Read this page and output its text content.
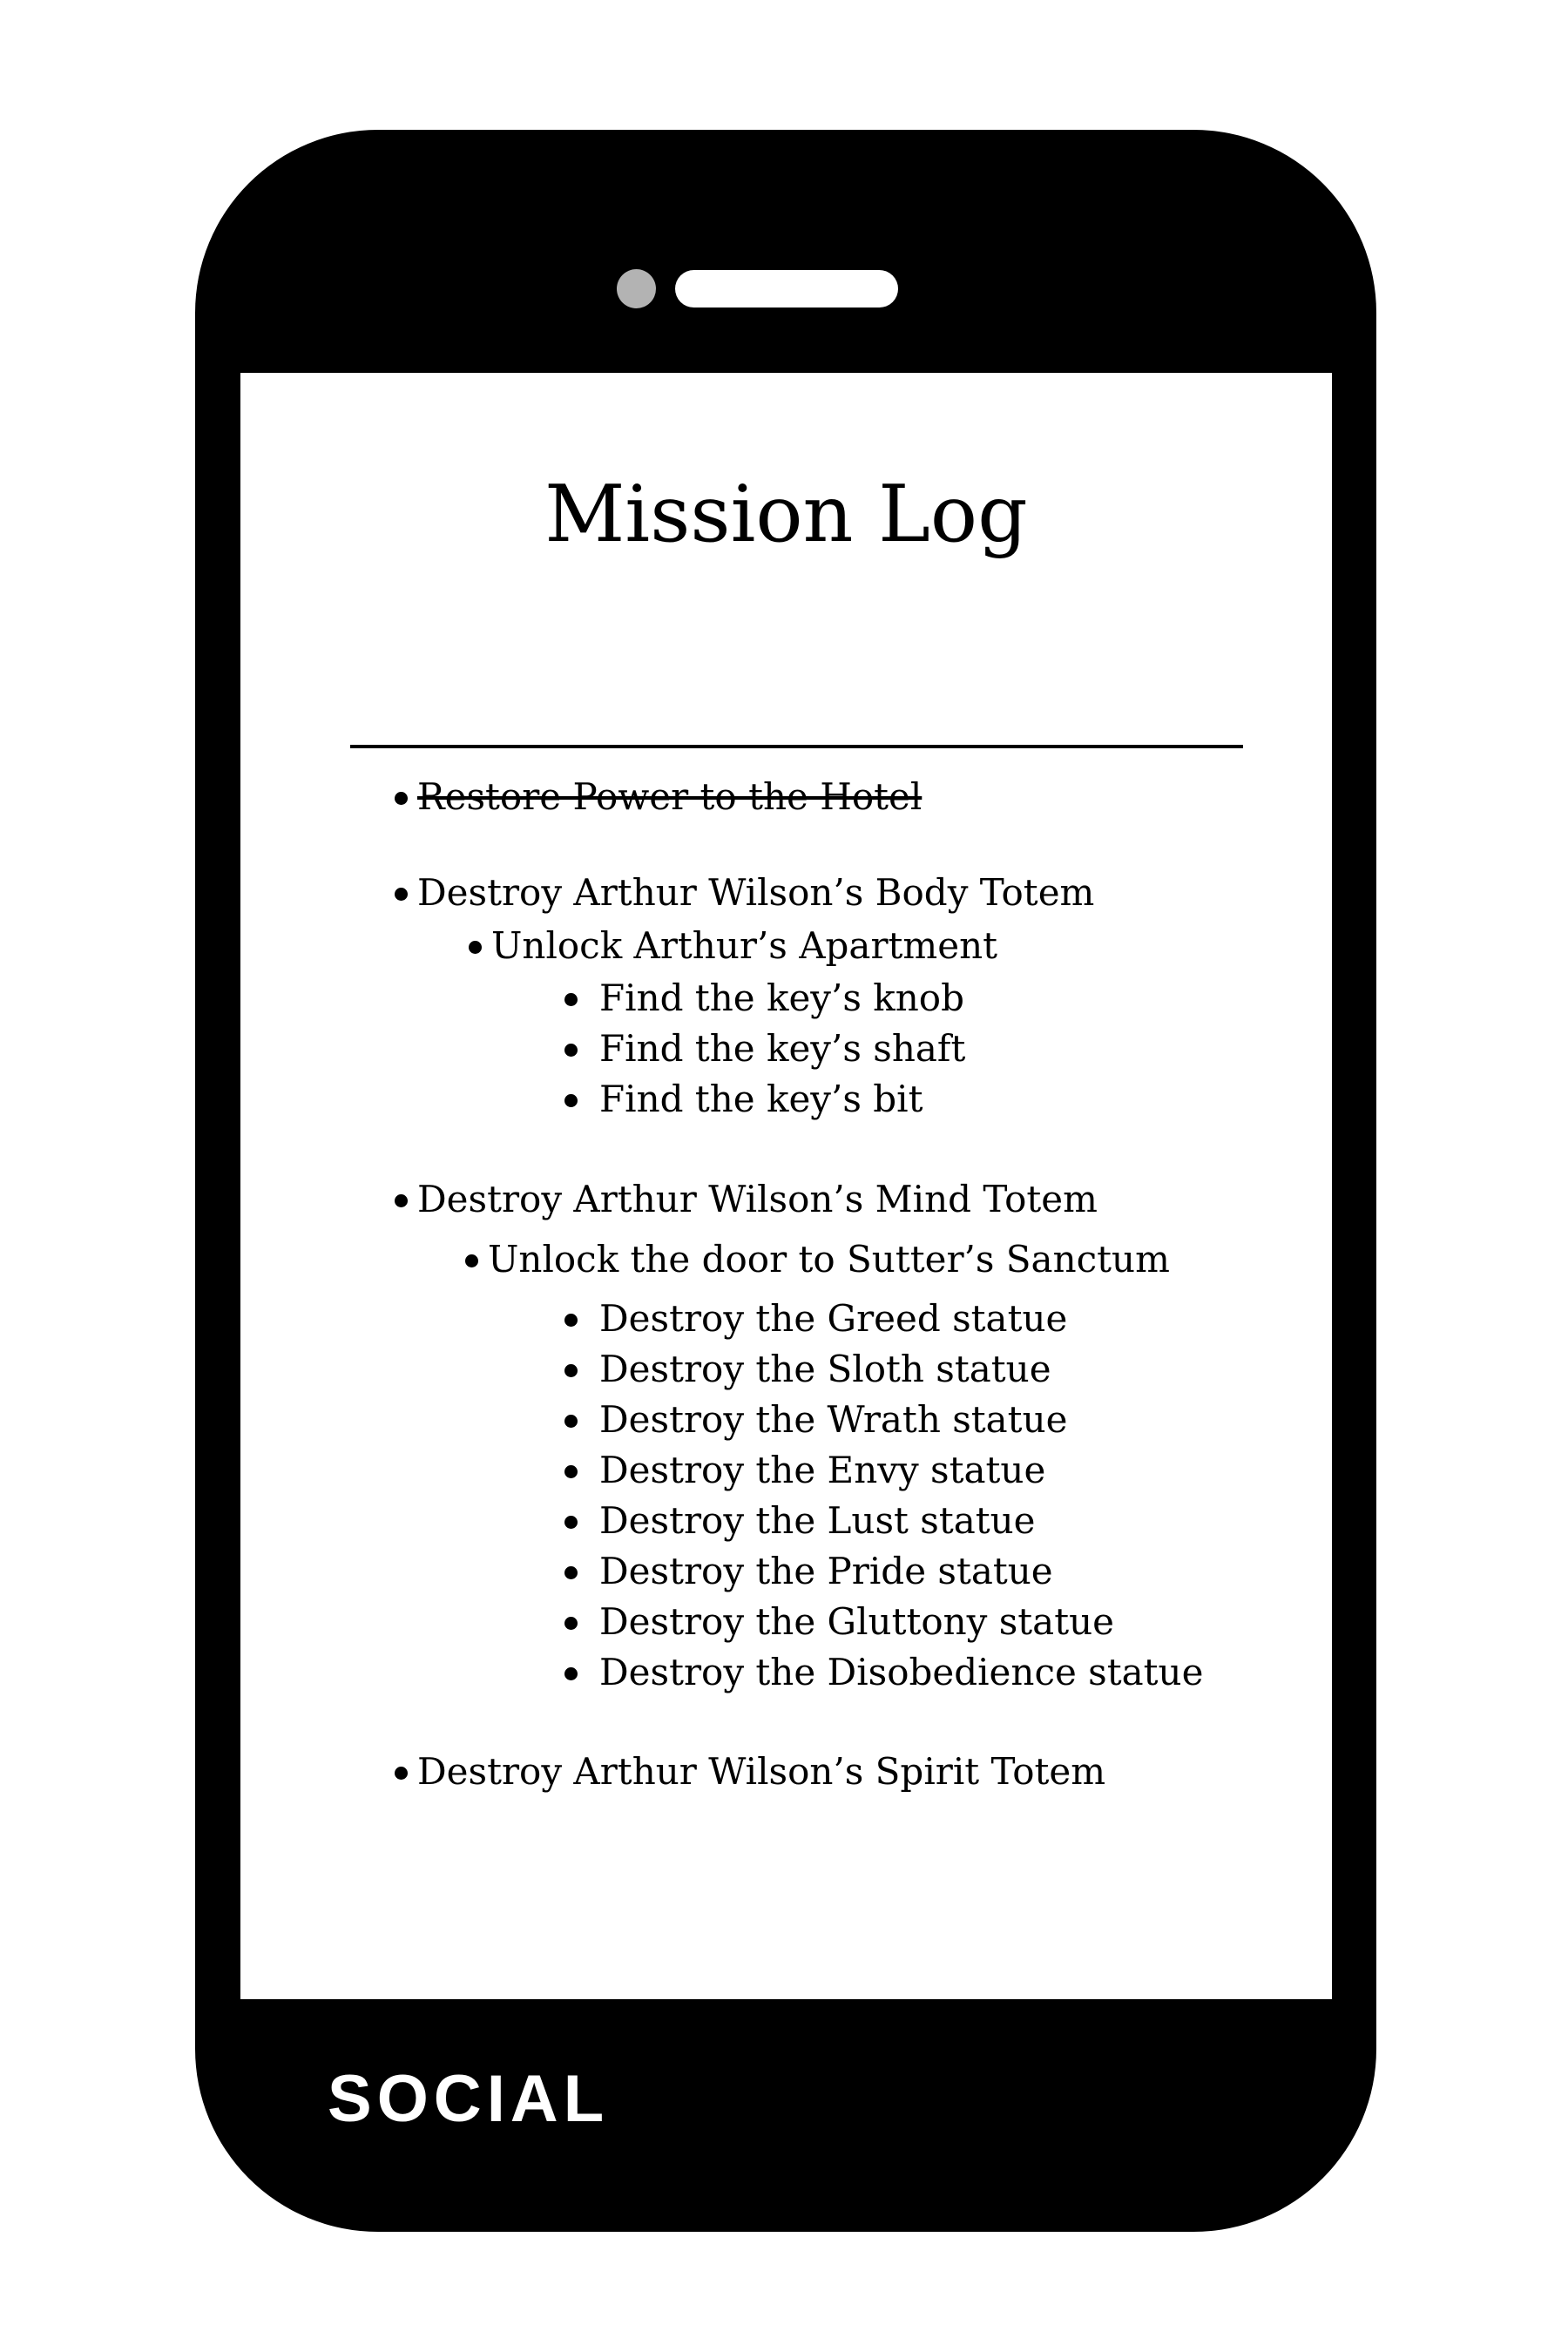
Mission Log
Restore Power to the Hotel
Destroy Arthur Wilson’s Body Totem
Unlock Arthur’s Apartment
Find the key’s knob
Find the key’s shaft
Find the key’s bit
Destroy Arthur Wilson’s Mind Totem
Unlock the door to Sutter’s Sanctum
Destroy the Greed statue
Destroy the Sloth statue
Destroy the Wrath statue
Destroy the Envy statue
Destroy the Lust statue
Destroy the Pride statue
Destroy the Gluttony statue
Destroy the Disobedience statue
Destroy Arthur Wilson’s Spirit Totem
SOCIAL
